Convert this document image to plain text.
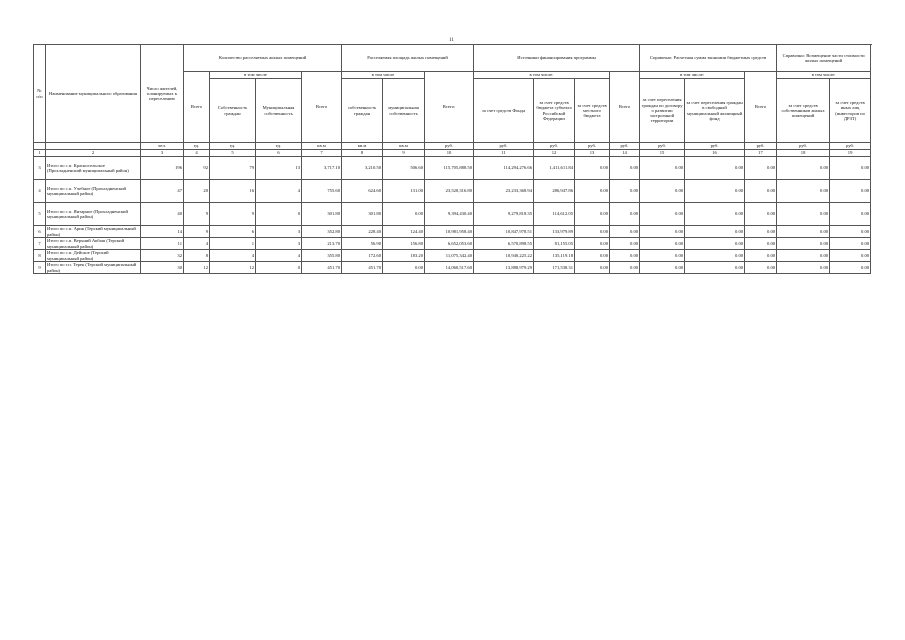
11
№ п/п	Наименование муниципального образования	Число жителей, планируемых к переселению	Количество расселяемых жилых помещений				Расселяемая площадь жилых помещений			Источники финансирования программы				Справочно: Расчетная сумма экономии бюджетных средств			Справочно: Возмещение части стоимости жилых помещений	
			Всего	в том числе		Всего	в том числе		Всего:	в том числе:			Всего	в том числе:		Всего	в том числе:	
				Собственность граждан	Муниципальная собственность		собственность граждан	муниципальная собственность		за счет средств Фонда	за счет средств бюджета субъекта Российской Федерации	за счет средств местного бюджета		за счет переселения граждан по договору о развитии застроенной территории	за счет переселения граждан в свободный муниципальный жилищный фонд		за счет средств собственников жилых помещений	за счет средств иных лиц (инвесторов по ДРЗТ)
		чел.	ед.	ед.	ед.	кв.м	кв.м	кв.м	руб.	руб.	руб.	руб.	руб.	руб.	руб.	руб.	руб.	руб.
1	2	3	4	5	6	7	8	9	10	11	12	13	14	15	16	17	18	19
3	Итого по с.п. Красносельское (Прохладненский муниципальный район)	196	92	79	13	3,717.10	3,210.50	506.60	115,705,888.50	114,294,276.66	1,411,611.84	0.00	0.00	0.00	0.00	0.00	0.00	0.00
4	Итого по с.п. Учебное (Прохладненский муниципальный район)	47	20	16	4	755.60	624.60	131.00	23,520,316.80	23,233,368.94	286,947.86	0.00	0.00	0.00	0.00	0.00	0.00	0.00
5	Итого по с.п. Янтарное (Прохладненский муниципальный район)	40	9	9	0	301.80	301.80	0.00	9,394,430.40	9,279,818.35	114,612.05	0.00	0.00	0.00	0.00	0.00	0.00	0.00
6	Итого по с.п. Арик (Терский муниципальный район)	14	9	6	3	352.80	228.40	124.40	10,981,958.40	10,847,978.51	133,979.89	0.00	0.00	0.00	0.00	0.00	0.00	0.00
7	Итого по с.п. Верхний Акбаш (Терский муниципальный район)	11	4	1	3	213.70	56.90	156.80	6,652,053.60	6,570,898.55	81,155.05	0.00	0.00	0.00	0.00	0.00	0.00	0.00
8	Итого по с.п. Дейское (Терский муниципальный район)	32	8	4	4	355.80	172.60	183.20	11,075,342.40	10,940,225.22	135,119.18	0.00	0.00	0.00	0.00	0.00	0.00	0.00
9	Итого по г.п. Терек (Терский муниципальный район)	30	12	12	0	451.70	451.70	0.00	14,060,517.60	13,888,979.29	171,538.31	0.00	0.00	0.00	0.00	0.00	0.00	0.00
